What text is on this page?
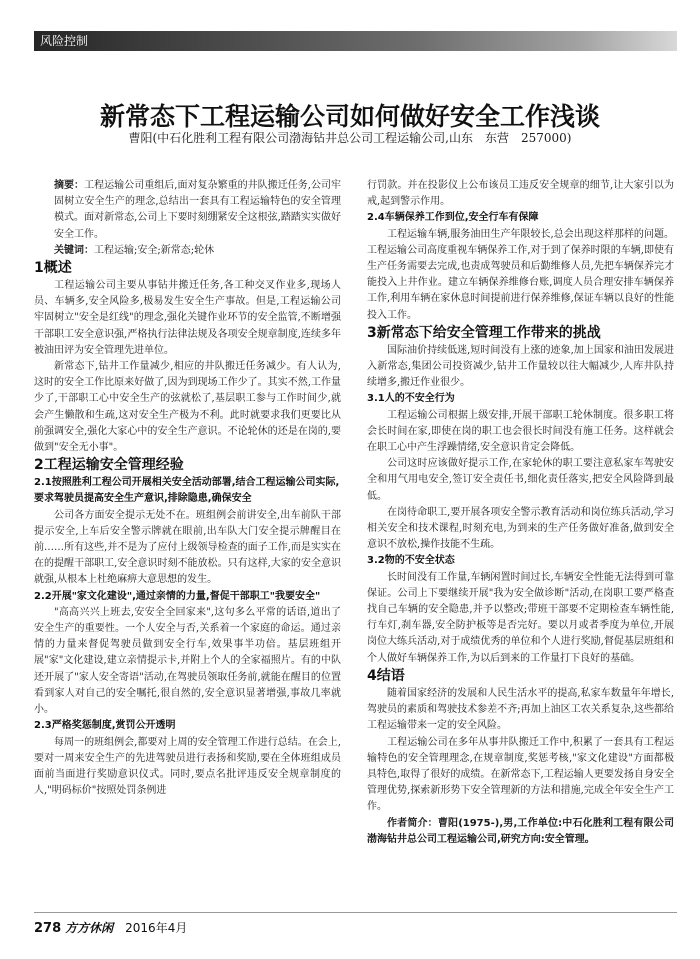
风险控制
新常态下工程运输公司如何做好安全工作浅谈
曹阳(中石化胜利工程有限公司渤海钻井总公司工程运输公司,山东　东营　257000)

摘要：工程运输公司重组后,面对复杂繁重的井队搬迁任务,公司牢固树立安全生产的理念,总结出一套具有工程运输特色的安全管理模式。面对新常态,公司上下要时刻绷紧安全这根弦,踏踏实实做好安全工作。

关键词：工程运输;安全;新常态;轮休

1概述

工程运输公司主要从事钻井搬迁任务,各工种交叉作业多,现场人员、车辆多,安全风险多,极易发生安全生产事故。但是,工程运输公司牢固树立"安全是红线"的理念,强化关键作业环节的安全监管,不断增强干部职工安全意识强,严格执行法律法规及各项安全规章制度,连续多年被油田评为安全管理先进单位。

新常态下,钻井工作量减少,相应的井队搬迁任务减少。有人认为,这时的安全工作比原来好做了,因为到现场工作少了。其实不然,工作量少了,干部职工心中安全生产的弦就松了,基层职工参与工作时间少,就会产生懒散和生疏,这对安全生产极为不利。此时就要求我们更要比从前强调安全,强化大家心中的安全生产意识。不论轮休的还是在岗的,要做到"安全无小事"。

2工程运输安全管理经验
2.1按照胜利工程公司开展相关安全活动部署,结合工程运输公司实际,要求驾驶员提高安全生产意识,排除隐患,确保安全

公司各方面安全提示无处不在。班组例会前讲安全,出车前队干部提示安全,上车后安全警示牌就在眼前,出车队大门安全提示牌醒目在前……所有这些,并不是为了应付上级领导检查的面子工作,而是实实在在的提醒干部职工,安全意识时刻不能放松。只有这样,大家的安全意识就强,从根本上杜绝麻痹大意思想的发生。

2.2开展"家文化建设",通过亲情的力量,督促干部职工"我要安全"

"高高兴兴上班去,安安全全回家来",这句多么平常的话语,道出了安全生产的重要性。一个人安全与否,关系着一个家庭的命运。通过亲情的力量来督促驾驶员做到安全行车,效果事半功倍。基层班组开展"家"文化建设,建立亲情提示卡,并附上个人的全家福照片。有的中队还开展了"家人安全寄语"活动,在驾驶员领取任务前,就能在醒目的位置看到家人对自己的安全嘱托,很自然的,安全意识显著增强,事故几率就小。

2.3严格奖惩制度,赏罚公开透明

每周一的班组例会,都要对上周的安全管理工作进行总结。在会上,要对一周来安全生产的先进驾驶员进行表扬和奖励,要在全体班组成员面前当面进行奖励意识仪式。同时,要点名批评违反安全规章制度的人,"明码标价"按照处罚条例进

行罚款。并在投影仪上公布该员工违反安全规章的细节,让大家引以为戒,起到警示作用。

2.4车辆保养工作到位,安全行车有保障

工程运输车辆,服务油田生产年限较长,总会出现这样那样的问题。工程运输公司高度重视车辆保养工作,对于到了保养时限的车辆,即使有生产任务需要去完成,也责成驾驶员和后勤维修人员,先把车辆保养完才能投入上井作业。建立车辆保养维修台账,调度人员合理安排车辆保养工作,利用车辆在家休息时间提前进行保养维修,保证车辆以良好的性能投入工作。

3新常态下给安全管理工作带来的挑战

国际油价持续低迷,短时间没有上涨的迹象,加上国家和油田发展进入新常态,集团公司投资减少,钻井工作量较以往大幅减少,人库井队持续增多,搬迁作业很少。

3.1人的不安全行为

工程运输公司根据上级安排,开展干部职工轮休制度。很多职工将会长时间在家,即使在岗的职工也会很长时间没有施工任务。这样就会在职工心中产生浮躁情绪,安全意识肯定会降低。

公司这时应该做好提示工作,在家轮休的职工要注意私家车驾驶安全和用气用电安全,签订安全责任书,细化责任落实,把安全风险降到最低。

在岗待命职工,要开展各项安全警示教育活动和岗位练兵活动,学习相关安全和技术课程,时刻充电,为到来的生产任务做好准备,做到安全意识不放松,操作技能不生疏。

3.2物的不安全状态

长时间没有工作量,车辆闲置时间过长,车辆安全性能无法得到可靠保证。公司上下要继续开展"我为安全做诊断"活动,在岗职工要严格查找自己车辆的安全隐患,并予以整改;带班干部要不定期检查车辆性能,行车灯,刹车器,安全防护板等是否完好。要以月或者季度为单位,开展岗位大练兵活动,对于成绩优秀的单位和个人进行奖励,督促基层班组和个人做好车辆保养工作,为以后到来的工作量打下良好的基础。

4结语

随着国家经济的发展和人民生活水平的提高,私家车数量年年增长,驾驶员的素质和驾驶技术参差不齐;再加上油区工农关系复杂,这些都给工程运输带来一定的安全风险。

工程运输公司在多年从事井队搬迁工作中,积累了一套具有工程运输特色的安全管理理念,在规章制度,奖惩考核,"家文化建设"方面都极具特色,取得了很好的成绩。在新常态下,工程运输人更要发扬自身安全管理优势,探索新形势下安全管理新的方法和措施,完成全年安全生产工作。

作者简介：曹阳(1975-),男,工作单位:中石化胜利工程有限公司渤海钻井总公司工程运输公司,研究方向:安全管理。

278 方方休闲 2016年4月
